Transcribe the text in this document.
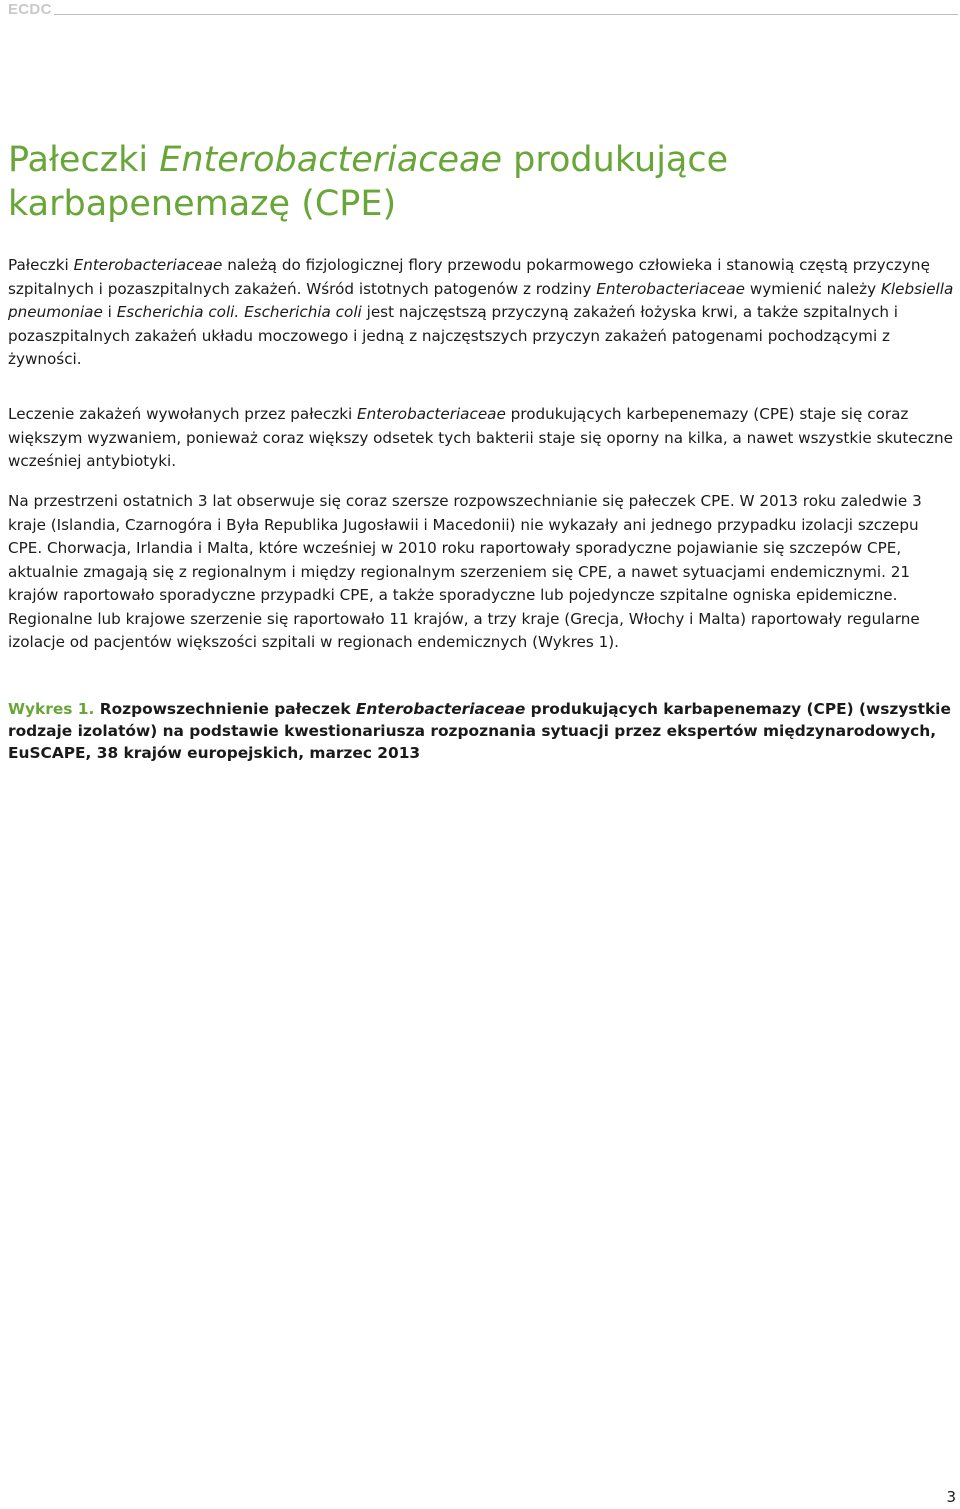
ECDC
Pałeczki Enterobacteriaceae produkujące karbapenemazę (CPE)

Pałeczki Enterobacteriaceae należą do fizjologicznej flory przewodu pokarmowego człowieka i stanowią częstą przyczynę szpitalnych i pozaszpitalnych zakażeń. Wśród istotnych patogenów z rodziny Enterobacteriaceae wymienić należy Klebsiella pneumoniae i Escherichia coli. Escherichia coli jest najczęstszą przyczyną zakażeń łożyska krwi, a także szpitalnych i pozaszpitalnych zakażeń układu moczowego i jedną z najczęstszych przyczyn zakażeń patogenami pochodzącymi z żywności.

Leczenie zakażeń wywołanych przez pałeczki Enterobacteriaceae produkujących karbepenemazy (CPE) staje się coraz większym wyzwaniem, ponieważ coraz większy odsetek tych bakterii staje się oporny na kilka, a nawet wszystkie skuteczne wcześniej antybiotyki.

Na przestrzeni ostatnich 3 lat obserwuje się coraz szersze rozpowszechnianie się pałeczek CPE. W 2013 roku zaledwie 3 kraje (Islandia, Czarnogóra i Była Republika Jugosławii i Macedonii) nie wykazały ani jednego przypadku izolacji szczepu CPE. Chorwacja, Irlandia i Malta, które wcześniej w 2010 roku raportowały sporadyczne pojawianie się szczepów CPE, aktualnie zmagają się z regionalnym i między regionalnym szerzeniem się CPE, a nawet sytuacjami endemicznymi. 21 krajów raportowało sporadyczne przypadki CPE, a także sporadyczne lub pojedyncze szpitalne ogniska epidemiczne. Regionalne lub krajowe szerzenie się raportowało 11 krajów, a trzy kraje (Grecja, Włochy i Malta) raportowały regularne izolacje od pacjentów większości szpitali w regionach endemicznych (Wykres 1).

Wykres 1. Rozpowszechnienie pałeczek Enterobacteriaceae produkujących karbapenemazy (CPE) (wszystkie rodzaje izolatów) na podstawie kwestionariusza rozpoznania sytuacji przez ekspertów międzynarodowych, EuSCAPE, 38 krajów europejskich, marzec 2013

3
